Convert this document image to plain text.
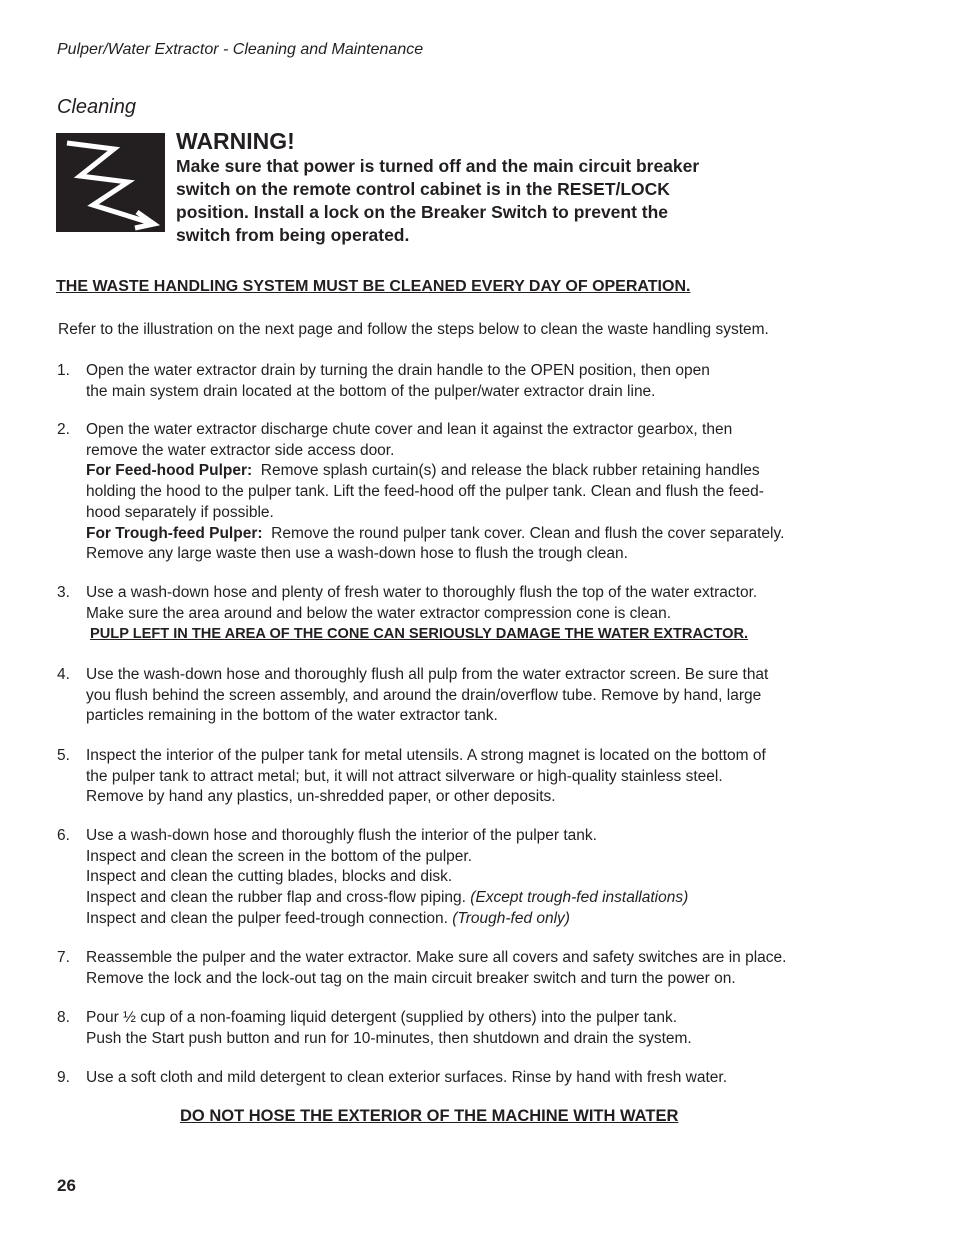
Pulper/Water Extractor - Cleaning and Maintenance
Cleaning
WARNING!
Make sure that power is turned off and the main circuit breaker
switch on the remote control cabinet is in the RESET/LOCK
position. Install a lock on the Breaker Switch to prevent the
switch from being operated.
THE WASTE HANDLING SYSTEM MUST BE CLEANED EVERY DAY OF OPERATION.
Refer to the illustration on the next page and follow the steps below to clean the waste handling system.
1.	Open the water extractor drain by turning the drain handle to the OPEN position, then open
the main system drain located at the bottom of the pulper/water extractor drain line.
2.	Open the water extractor discharge chute cover and lean it against the extractor gearbox, then
remove the water extractor side access door.
For Feed-hood Pulper:  Remove splash curtain(s) and release the black rubber retaining handles
holding the hood to the pulper tank. Lift the feed-hood off the pulper tank. Clean and flush the feed-
hood separately if possible.
For Trough-feed Pulper:  Remove the round pulper tank cover. Clean and flush the cover separately.
Remove any large waste then use a wash-down hose to flush the trough clean.
3.	Use a wash-down hose and plenty of fresh water to thoroughly flush the top of the water extractor.
Make sure the area around and below the water extractor compression cone is clean.
PULP LEFT IN THE AREA OF THE CONE CAN SERIOUSLY DAMAGE THE WATER EXTRACTOR.
4.	Use the wash-down hose and thoroughly flush all pulp from the water extractor screen. Be sure that
you flush behind the screen assembly, and around the drain/overflow tube. Remove by hand, large
particles remaining in the bottom of the water extractor tank.
5.	Inspect the interior of the pulper tank for metal utensils. A strong magnet is located on the bottom of
the pulper tank to attract metal; but, it will not attract silverware or high-quality stainless steel.
Remove by hand any plastics, un-shredded paper, or other deposits.
6.	Use a wash-down hose and thoroughly flush the interior of the pulper tank.
Inspect and clean the screen in the bottom of the pulper.
Inspect and clean the cutting blades, blocks and disk.
Inspect and clean the rubber flap and cross-flow piping. (Except trough-fed installations)
Inspect and clean the pulper feed-trough connection. (Trough-fed only)
7.	Reassemble the pulper and the water extractor. Make sure all covers and safety switches are in place.
Remove the lock and the lock-out tag on the main circuit breaker switch and turn the power on.
8.	Pour ½ cup of a non-foaming liquid detergent (supplied by others) into the pulper tank.
Push the Start push button and run for 10-minutes, then shutdown and drain the system.
9.	Use a soft cloth and mild detergent to clean exterior surfaces. Rinse by hand with fresh water.
DO NOT HOSE THE EXTERIOR OF THE MACHINE WITH WATER
26
